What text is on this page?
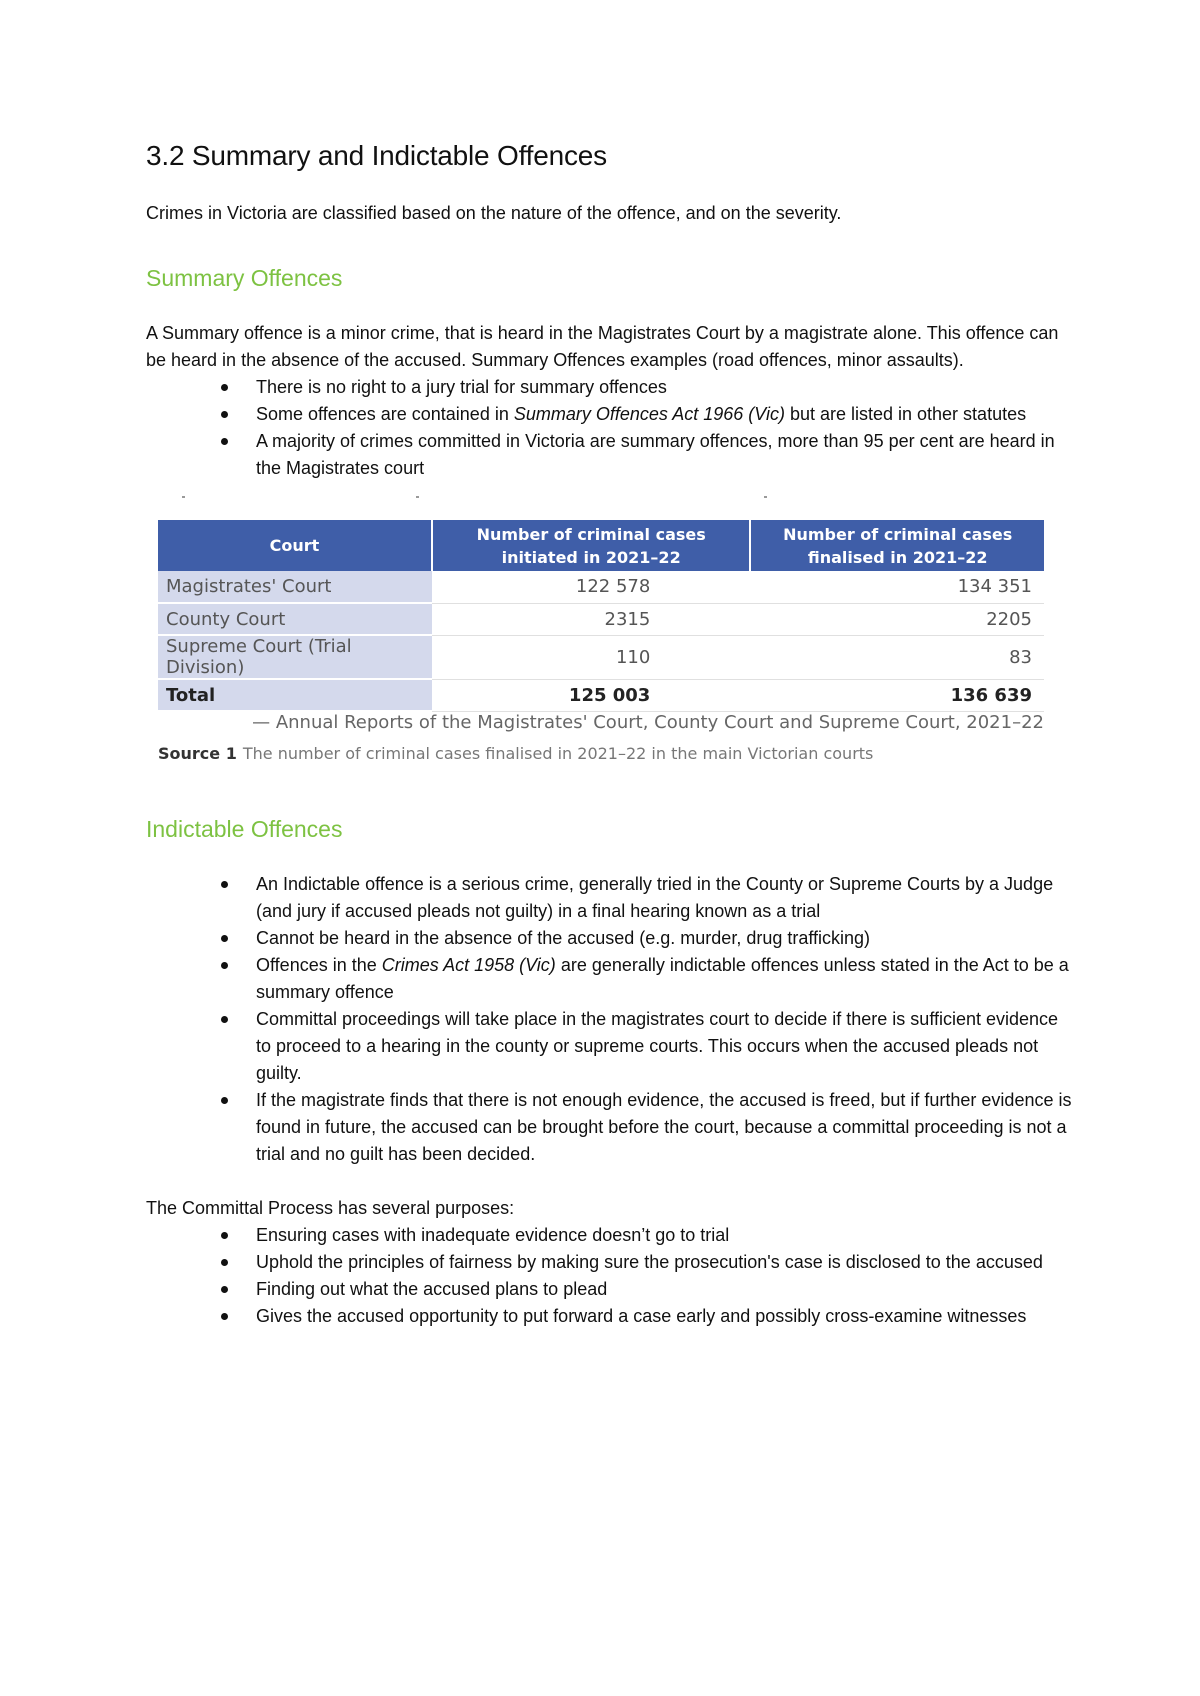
3.2 Summary and Indictable Offences

Crimes in Victoria are classified based on the nature of the offence, and on the severity.

Summary Offences

A Summary offence is a minor crime, that is heard in the Magistrates Court by a magistrate alone. This offence can be heard in the absence of the accused. Summary Offences examples (road offences, minor assaults).

There is no right to a jury trial for summary offences
Some offences are contained in Summary Offences Act 1966 (Vic) but are listed in other statutes
A majority of crimes committed in Victoria are summary offences, more than 95 per cent are heard in the Magistrates court
Court	Number of criminal cases initiated in 2021–22	Number of criminal cases finalised in 2021–22
Magistrates' Court	122 578	134 351
County Court	2315	2205
Supreme Court (Trial Division)	110	83
Total	125 003	136 639
— Annual Reports of the Magistrates' Court, County Court and Supreme Court, 2021–22
Source 1 The number of criminal cases finalised in 2021–22 in the main Victorian courts
Indictable Offences
An Indictable offence is a serious crime, generally tried in the County or Supreme Courts by a Judge (and jury if accused pleads not guilty) in a final hearing known as a trial
Cannot be heard in the absence of the accused (e.g. murder, drug trafficking)
Offences in the Crimes Act 1958 (Vic) are generally indictable offences unless stated in the Act to be a summary offence
Committal proceedings will take place in the magistrates court to decide if there is sufficient evidence to proceed to a hearing in the county or supreme courts. This occurs when the accused pleads not guilty.
If the magistrate finds that there is not enough evidence, the accused is freed, but if further evidence is found in future, the accused can be brought before the court, because a committal proceeding is not a trial and no guilt has been decided.

The Committal Process has several purposes:

Ensuring cases with inadequate evidence doesn’t go to trial
Uphold the principles of fairness by making sure the prosecution's case is disclosed to the accused
Finding out what the accused plans to plead
Gives the accused opportunity to put forward a case early and possibly cross-examine witnesses
